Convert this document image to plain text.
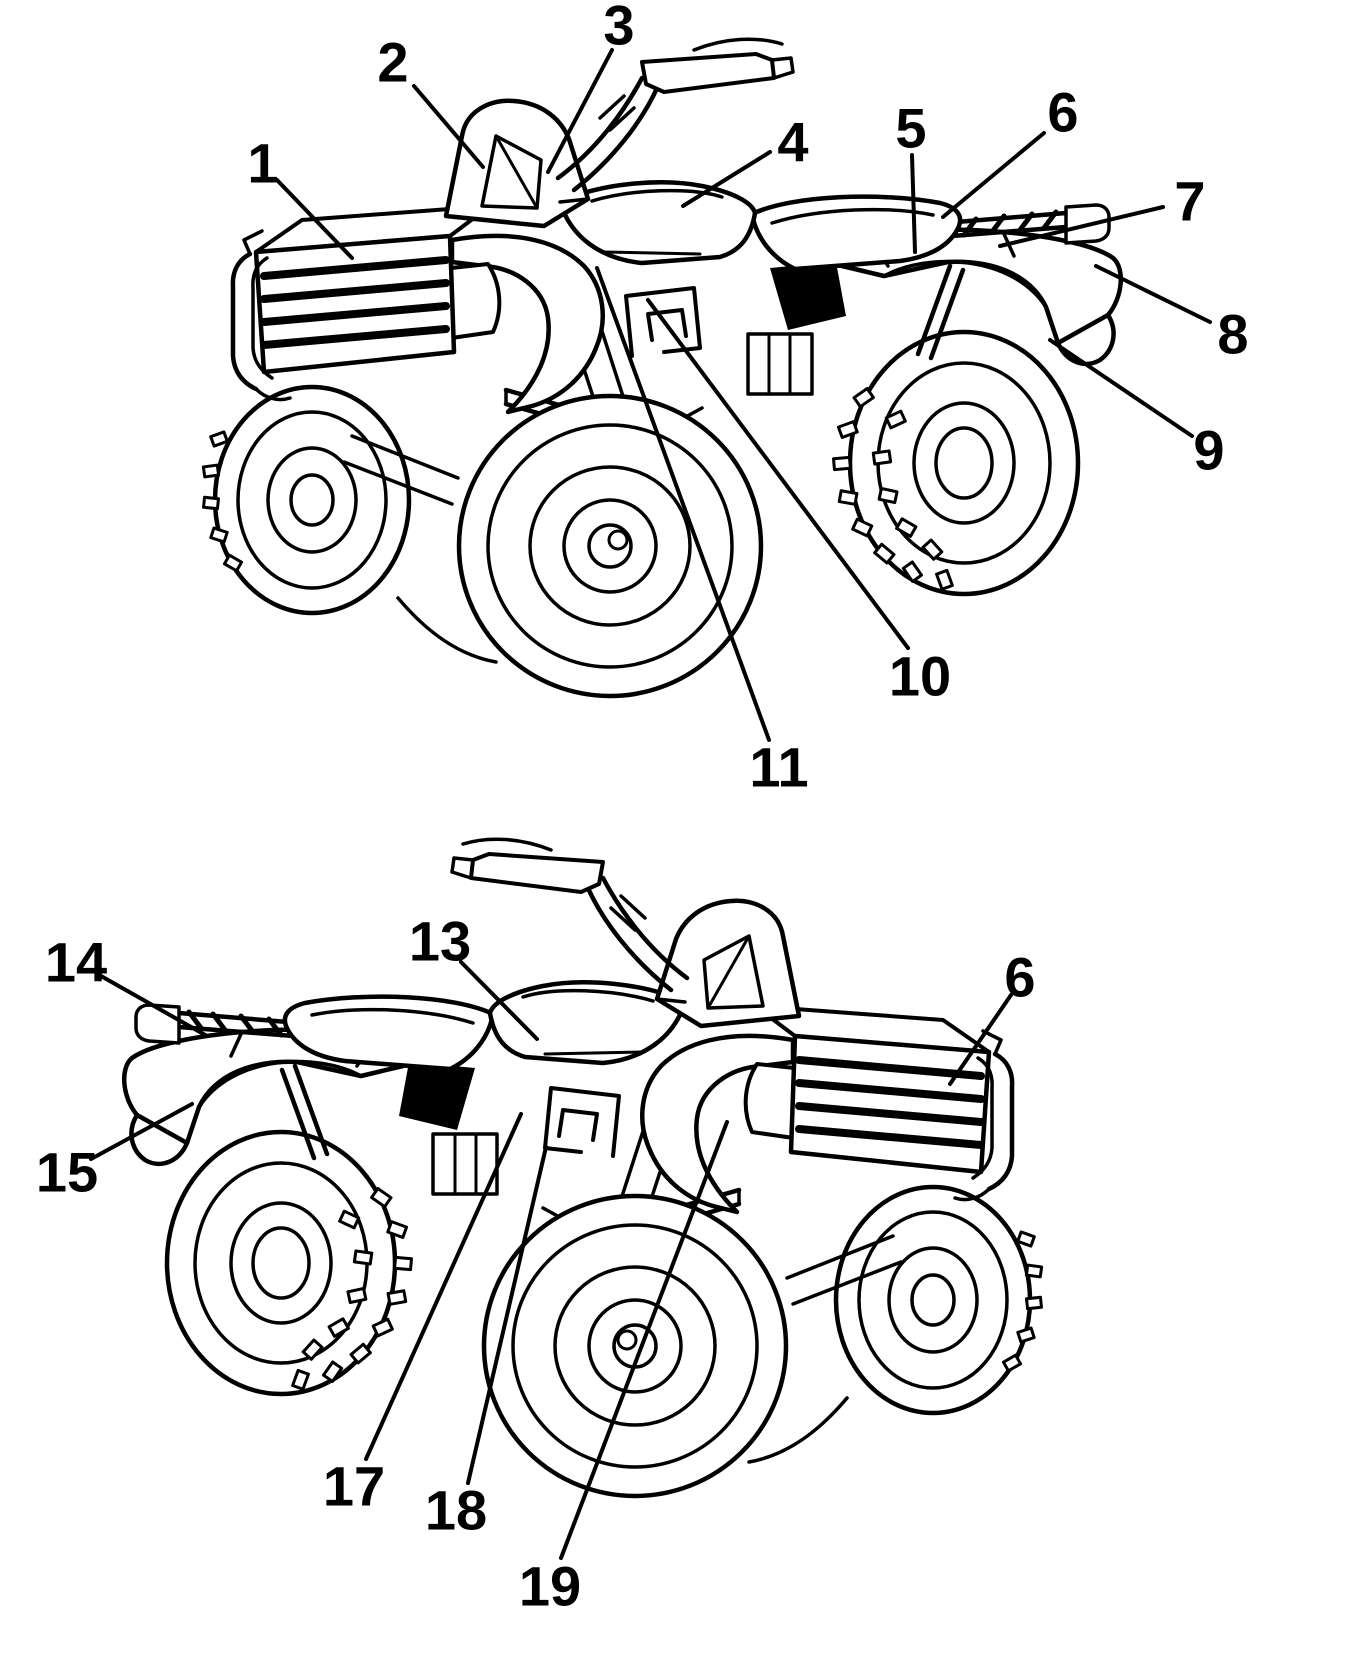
1
2
3
4 5 6
7
8
9
10
11
14	13
15
6
17 18
19
